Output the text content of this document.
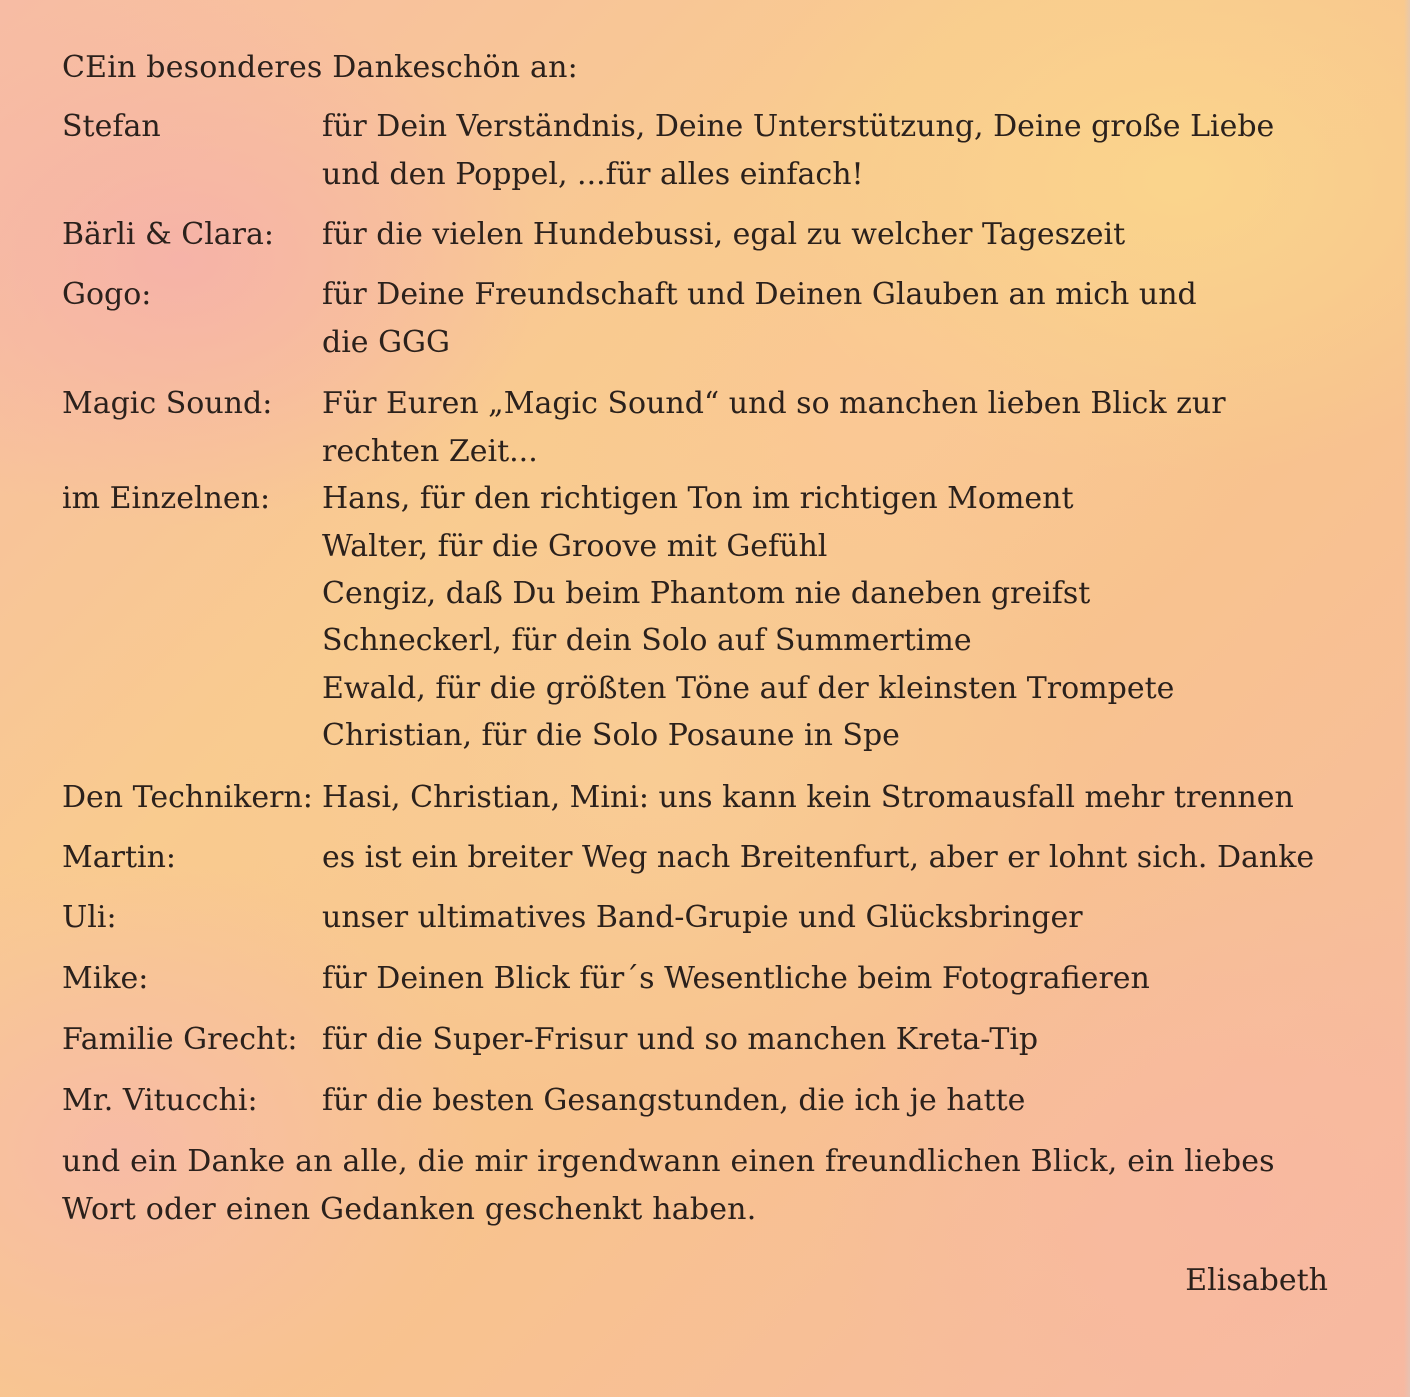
CEin besonderes Dankeschön an:
Stefan	für Dein Verständnis, Deine Unterstützung, Deine große Liebe
und den Poppel, ...für alles einfach!
Bärli & Clara: für die vielen Hundebussi, egal zu welcher Tageszeit
Gogo:	für Deine Freundschaft und Deinen Glauben an mich und
die GGG
Magic Sound: Für Euren „Magic Sound“ und so manchen lieben Blick zur
rechten Zeit...
im Einzelnen: Hans, für den richtigen Ton im richtigen Moment
Walter, für die Groove mit Gefühl
Cengiz, daß Du beim Phantom nie daneben greifst
Schneckerl, für dein Solo auf Summertime
Ewald, für die größten Töne auf der kleinsten Trompete
Christian, für die Solo Posaune in Spe
Den Technikern: Hasi, Christian, Mini: uns kann kein Stromausfall mehr trennen
Martin:	es ist ein breiter Weg nach Breitenfurt, aber er lohnt sich. Danke
Uli:	unser ultimatives Band-Grupie und Glücksbringer
Mike:	für Deinen Blick für´s Wesentliche beim Fotografieren
Familie Grecht: für die Super-Frisur und so manchen Kreta-Tip
Mr. Vitucchi: für die besten Gesangstunden, die ich je hatte
und ein Danke an alle, die mir irgendwann einen freundlichen Blick, ein liebes
Wort oder einen Gedanken geschenkt haben.
Elisabeth
